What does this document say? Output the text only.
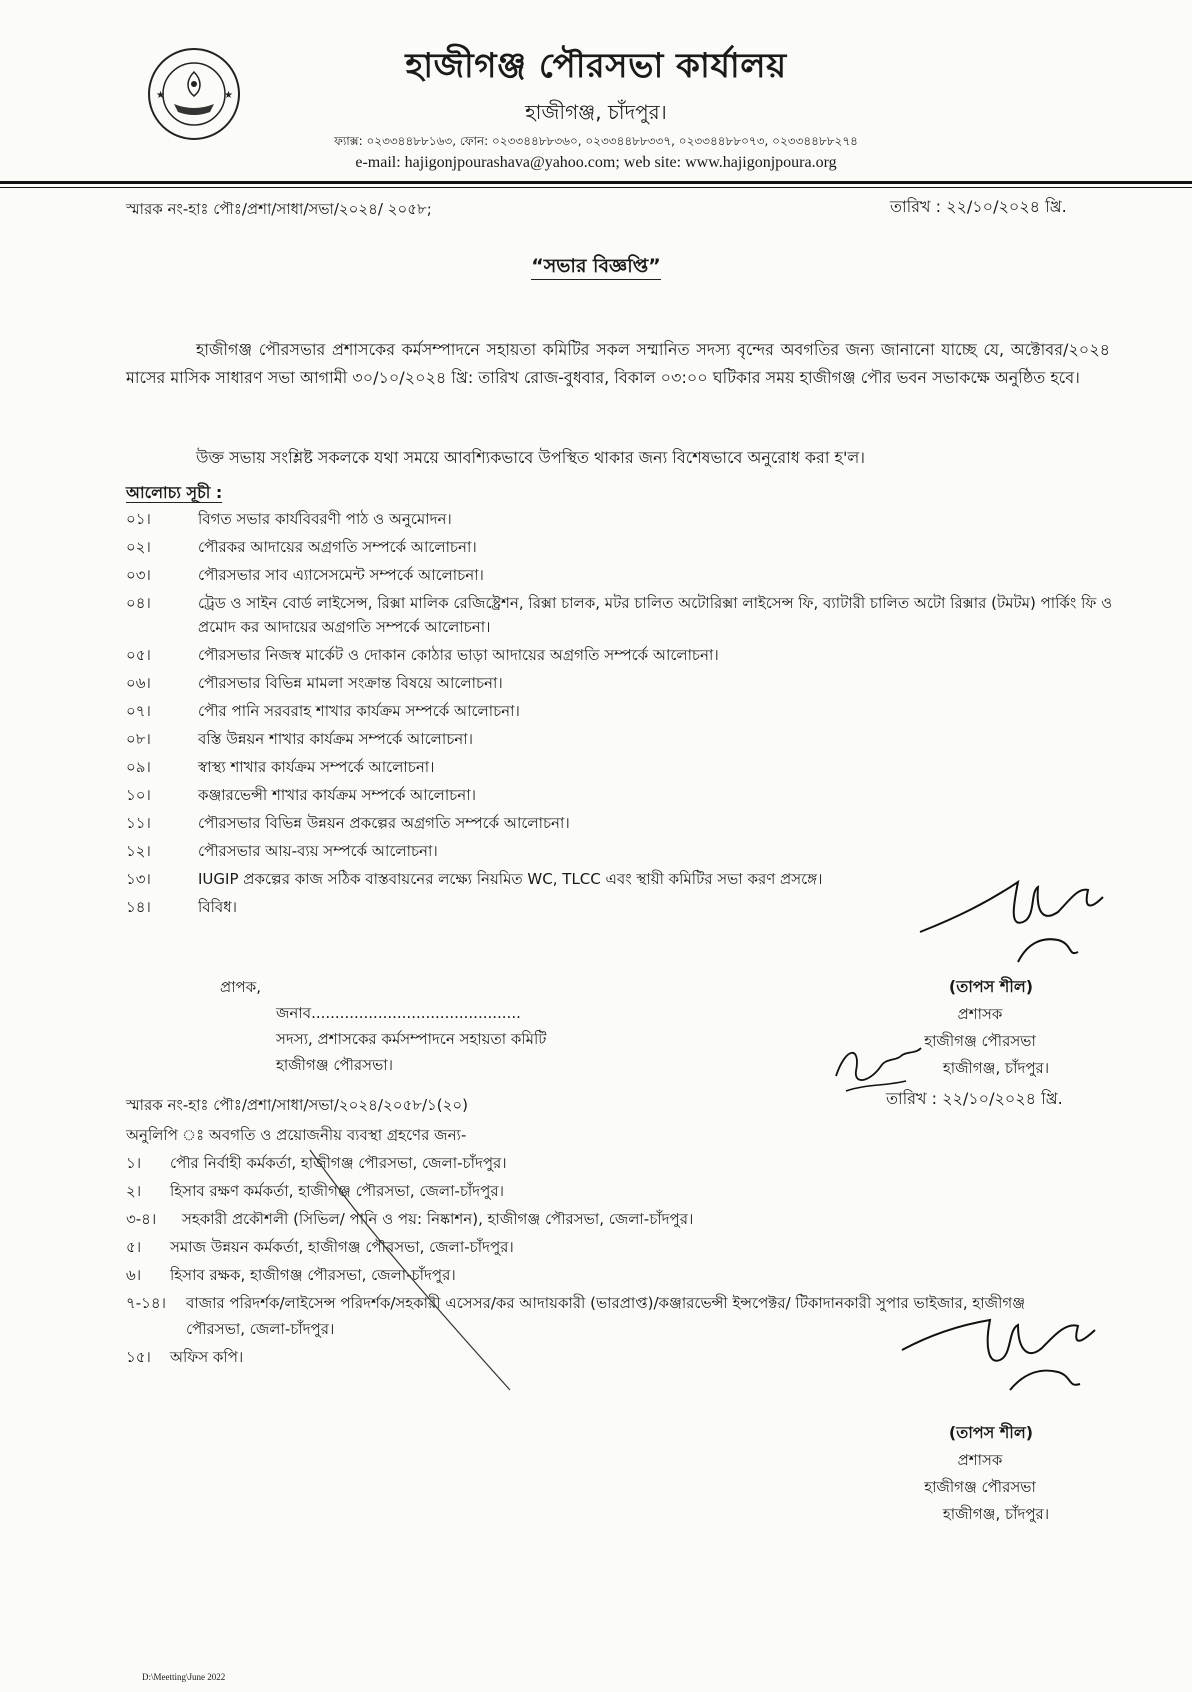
★	★
হাজীগঞ্জ পৌরসভা কার্যালয়
হাজীগঞ্জ, চাঁদপুর।
ফ্যাক্স: ০২৩৩৪৪৮৮১৬৩, ফোন: ০২৩৩৪৪৮৮৩৬০, ০২৩৩৪৪৮৮৩৩৭, ০২৩৩৪৪৮৮০৭৩, ০২৩৩৪৪৮৮২৭৪
e-mail: hajigonjpourashava@yahoo.com; web site: www.hajigonjpoura.org
স্মারক নং-হাঃ পৌঃ/প্রশা/সাধা/সভা/২০২৪/ ২০৫৮;	তারিখ : ২২/১০/২০২৪ খ্রি.
“সভার বিজ্ঞপ্তি”
হাজীগঞ্জ পৌরসভার প্রশাসকের কর্মসম্পাদনে সহায়তা কমিটির সকল সম্মানিত সদস্য বৃন্দের অবগতির জন্য জানানো যাচ্ছে যে, অক্টোবর/২০২৪ মাসের মাসিক সাধারণ সভা আগামী ৩০/১০/২০২৪ খ্রি: তারিখ রোজ-বুধবার, বিকাল ০৩:০০ ঘটিকার সময় হাজীগঞ্জ পৌর ভবন সভাকক্ষে অনুষ্ঠিত হবে।
উক্ত সভায় সংশ্লিষ্ট সকলকে যথা সময়ে আবশ্যিকভাবে উপস্থিত থাকার জন্য বিশেষভাবে অনুরোধ করা হ'ল।
আলোচ্য সূচী :
০১।	বিগত সভার কার্যবিবরণী পাঠ ও অনুমোদন।
০২।	পৌরকর আদায়ের অগ্রগতি সম্পর্কে আলোচনা।
০৩।	পৌরসভার সাব এ্যাসেসমেন্ট সম্পর্কে আলোচনা।
০৪।	ট্রেড ও সাইন বোর্ড লাইসেন্স, রিক্সা মালিক রেজিষ্ট্রেশন, রিক্সা চালক, মটর চালিত অটোরিক্সা লাইসেন্স ফি, ব্যাটারী চালিত অটো রিক্সার (টমটম) পার্কিং ফি ও প্রমোদ কর আদায়ের অগ্রগতি সম্পর্কে আলোচনা।
০৫।	পৌরসভার নিজস্ব মার্কেট ও দোকান কোঠার ভাড়া আদায়ের অগ্রগতি সম্পর্কে আলোচনা।
০৬।	পৌরসভার বিভিন্ন মামলা সংক্রান্ত বিষয়ে আলোচনা।
০৭।	পৌর পানি সরবরাহ শাখার কার্যক্রম সম্পর্কে আলোচনা।
০৮।	বস্তি উন্নয়ন শাখার কার্যক্রম সম্পর্কে আলোচনা।
০৯।	স্বাস্থ্য শাখার কার্যক্রম সম্পর্কে আলোচনা।
১০।	কঞ্জারভেন্সী শাখার কার্যক্রম সম্পর্কে আলোচনা।
১১।	পৌরসভার বিভিন্ন উন্নয়ন প্রকল্পের অগ্রগতি সম্পর্কে আলোচনা।
১২।	পৌরসভার আয়-ব্যয় সম্পর্কে আলোচনা।
১৩।	IUGIP প্রকল্পের কাজ সঠিক বাস্তবায়নের লক্ষ্যে নিয়মিত WC, TLCC এবং স্থায়ী কমিটির সভা করণ প্রসঙ্গে।
১৪।	বিবিধ।
(তাপস শীল)
প্রশাসক
হাজীগঞ্জ পৌরসভা
হাজীগঞ্জ, চাঁদপুর।
প্রাপক,
জনাব............................................
সদস্য, প্রশাসকের কর্মসম্পাদনে সহায়তা কমিটি
হাজীগঞ্জ পৌরসভা।
স্মারক নং-হাঃ পৌঃ/প্রশা/সাধা/সভা/২০২৪/২০৫৮/১(২০)	তারিখ : ২২/১০/২০২৪ খ্রি.
অনুলিপি ঃ অবগতি ও প্রয়োজনীয় ব্যবস্থা গ্রহণের জন্য-
১।	পৌর নির্বাহী কর্মকর্তা, হাজীগঞ্জ পৌরসভা, জেলা-চাঁদপুর।
২।	হিসাব রক্ষণ কর্মকর্তা, হাজীগঞ্জ পৌরসভা, জেলা-চাঁদপুর।
৩-৪।	সহকারী প্রকৌশলী (সিভিল/ পানি ও পয়: নিষ্কাশন), হাজীগঞ্জ পৌরসভা, জেলা-চাঁদপুর।
৫।	সমাজ উন্নয়ন কর্মকর্তা, হাজীগঞ্জ পৌরসভা, জেলা-চাঁদপুর।
৬।	হিসাব রক্ষক, হাজীগঞ্জ পৌরসভা, জেলা-চাঁদপুর।
৭-১৪।	বাজার পরিদর্শক/লাইসেন্স পরিদর্শক/সহকারী এসেসর/কর আদায়কারী (ভারপ্রাপ্ত)/কঞ্জারভেন্সী ইন্সপেক্টর/ টিকাদানকারী সুপার ভাইজার, হাজীগঞ্জ পৌরসভা, জেলা-চাঁদপুর।
১৫।	অফিস কপি।
(তাপস শীল)
প্রশাসক
হাজীগঞ্জ পৌরসভা
হাজীগঞ্জ, চাঁদপুর।
D:\Meetting\June 2022
